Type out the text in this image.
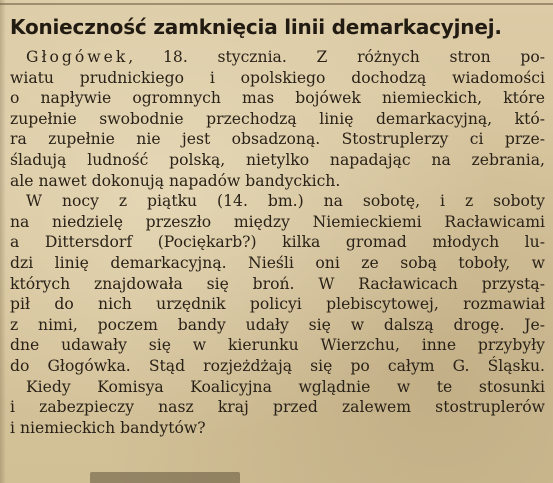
Konieczność zamknięcia linii demarkacyjnej.
Głogówek, 18. stycznia. Z różnych stron po-
wiatu prudnickiego i opolskiego dochodzą wiadomości
o napływie ogromnych mas bojówek niemieckich, które
zupełnie swobodnie przechodzą linię demarkacyjną, któ-
ra zupełnie nie jest obsadzoną. Stostruplerzy ci prze-
śladują ludność polską, nietylko napadając na zebrania,
ale nawet dokonują napadów bandyckich.
W nocy z piątku (14. bm.) na sobotę, i z soboty
na niedzielę przeszło między Niemieckiemi Racławicami
a Dittersdorf (Pociękarb?) kilka gromad młodych lu-
dzi linię demarkacyjną. Nieśli oni ze sobą toboły, w
których znajdowała się broń. W Racławicach przystą-
pił do nich urzędnik policyi plebiscytowej, rozmawiał
z nimi, poczem bandy udały się w dalszą drogę. Je-
dne udawały się w kierunku Wierzchu, inne przybyły
do Głogówka. Stąd rozjeżdżają się po całym G. Śląsku.
Kiedy Komisya Koalicyjna wglądnie w te stosunki
i zabezpieczy nasz kraj przed zalewem stostruplerów
i niemieckich bandytów?
